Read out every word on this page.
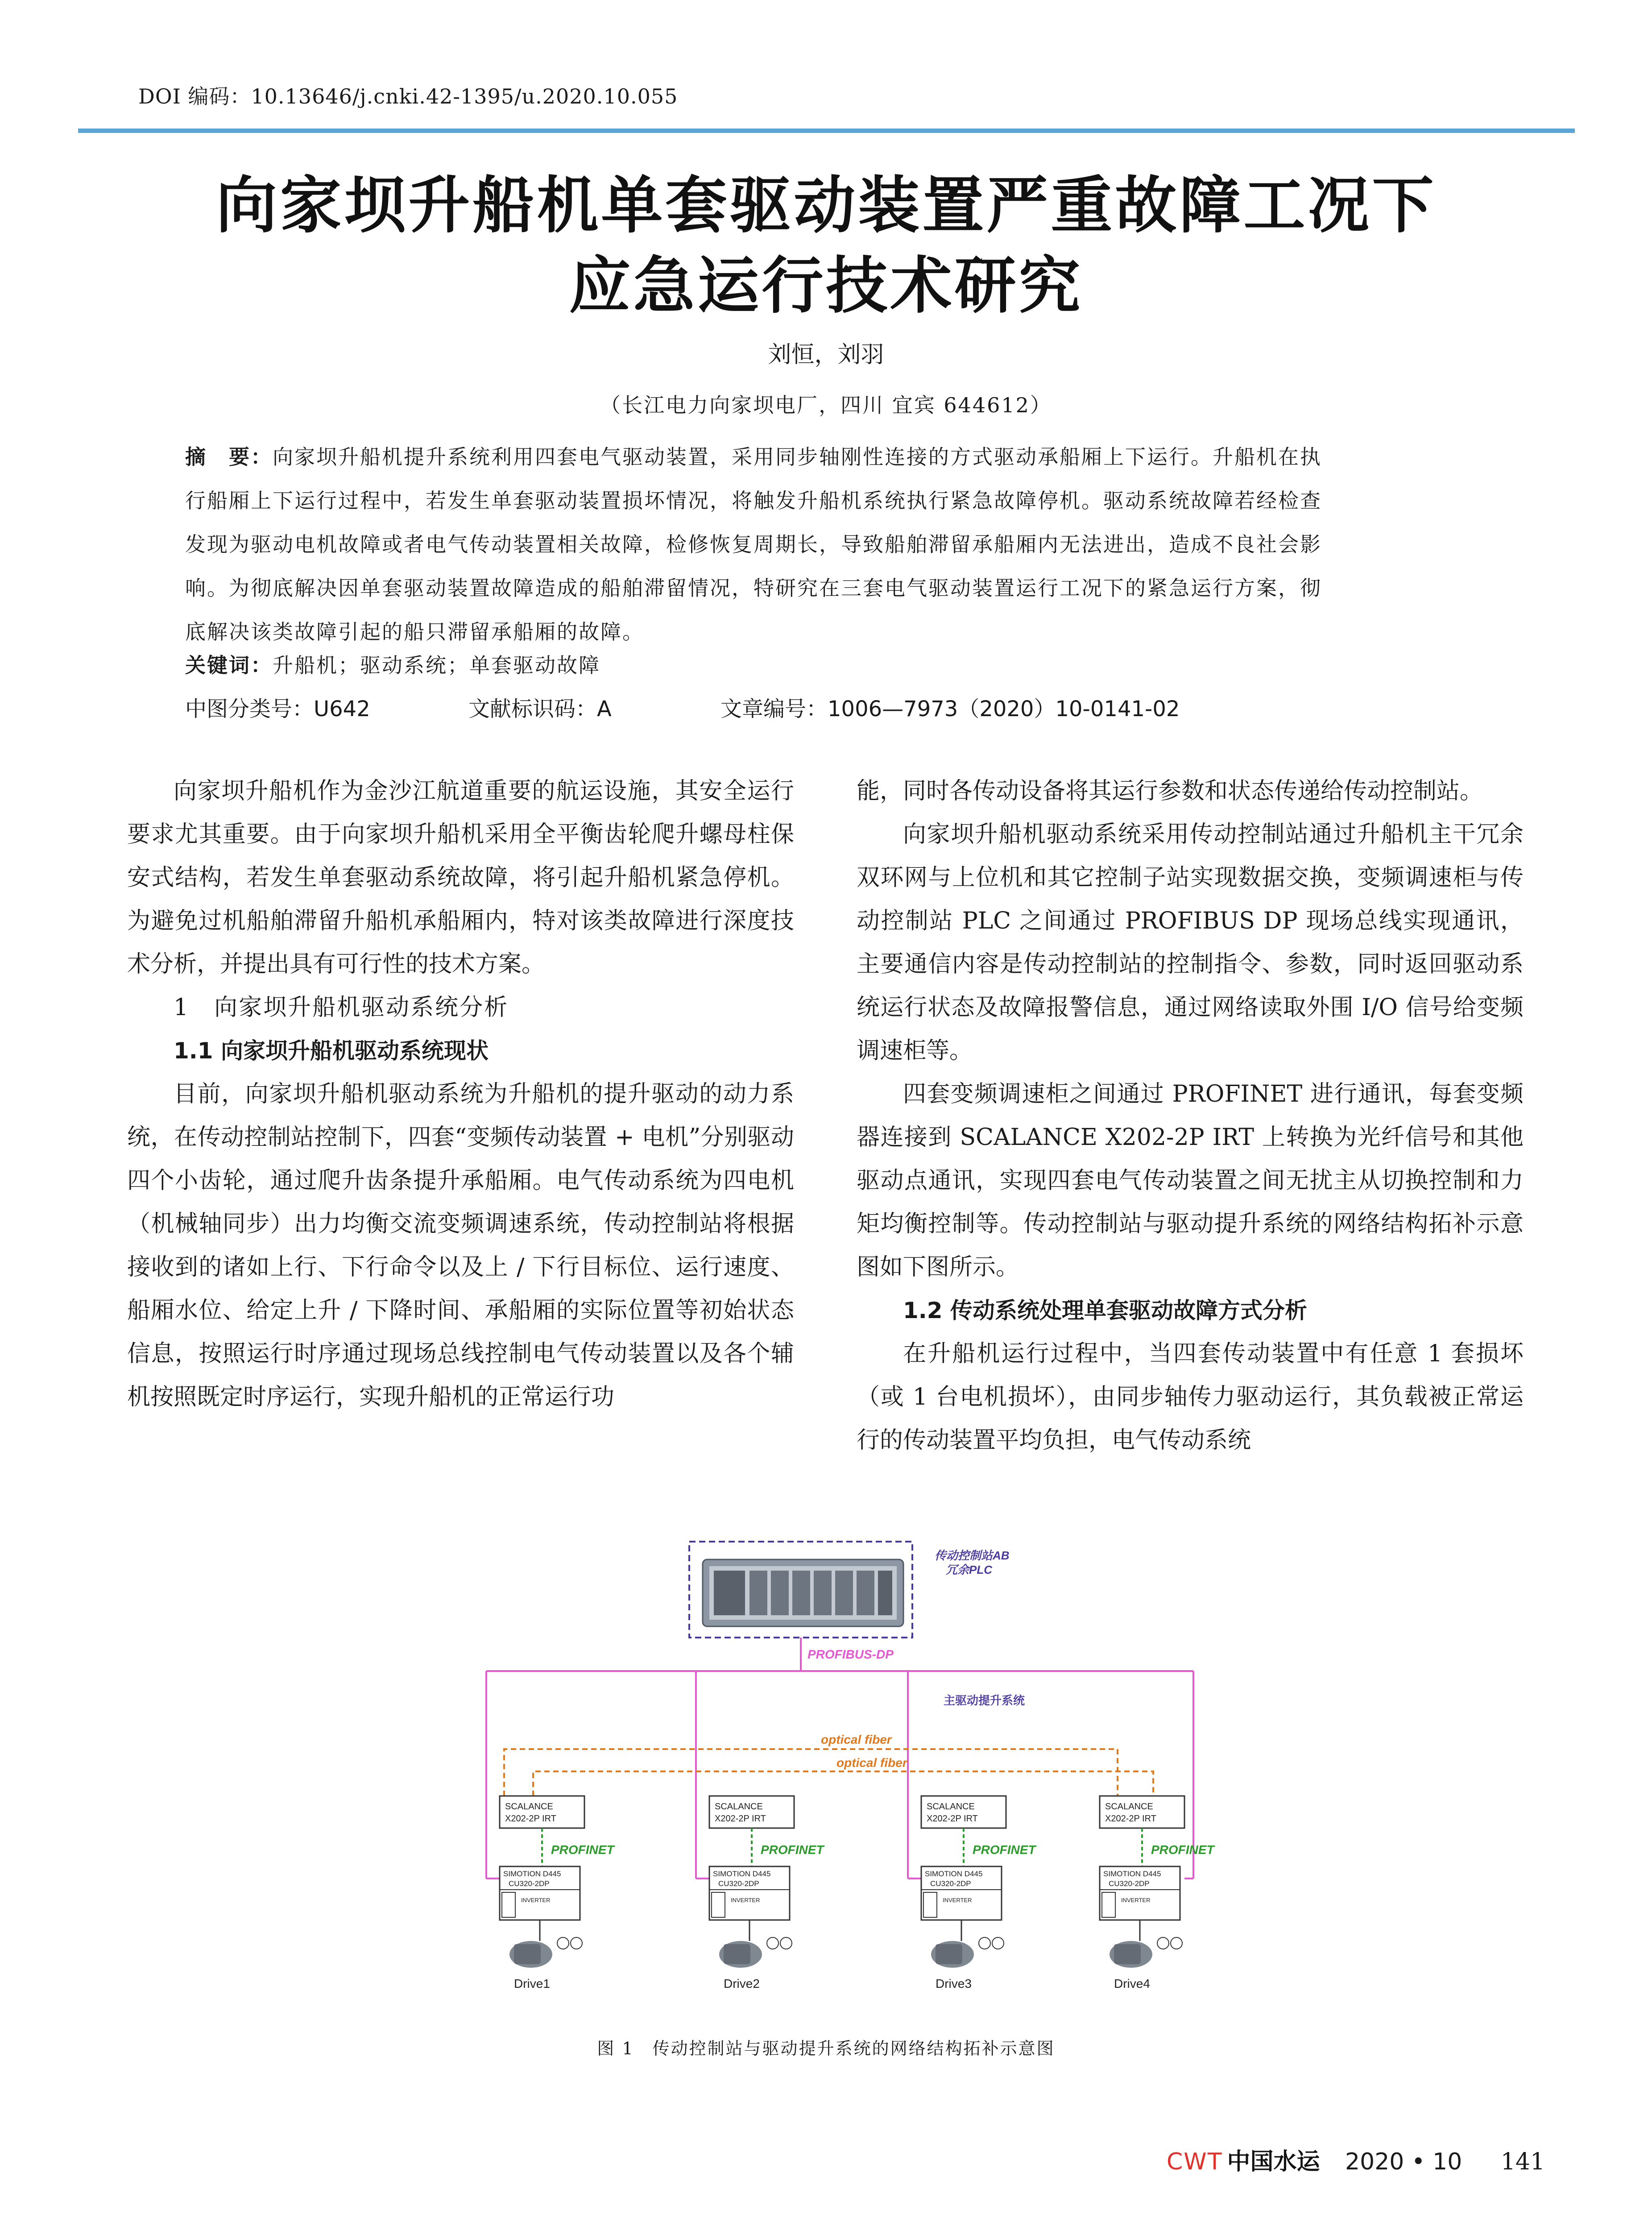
DOI 编码：10.13646/j.cnki.42-1395/u.2020.10.055
向家坝升船机单套驱动装置严重故障工况下
应急运行技术研究
刘恒，刘羽
（长江电力向家坝电厂，四川 宜宾 644612）
摘　要：向家坝升船机提升系统利用四套电气驱动装置，采用同步轴刚性连接的方式驱动承船厢上下运行。升船机在执
行船厢上下运行过程中，若发生单套驱动装置损坏情况，将触发升船机系统执行紧急故障停机。驱动系统故障若经检查
发现为驱动电机故障或者电气传动装置相关故障，检修恢复周期长，导致船舶滞留承船厢内无法进出，造成不良社会影
响。为彻底解决因单套驱动装置故障造成的船舶滞留情况，特研究在三套电气驱动装置运行工况下的紧急运行方案，彻
底解决该类故障引起的船只滞留承船厢的故障。
关键词：升船机；驱动系统；单套驱动故障
中图分类号：U642	文献标识码：A	文章编号：1006—7973（2020）10-0141-02

向家坝升船机作为金沙江航道重要的航运设施，其安全运行要求尤其重要。由于向家坝升船机采用全平衡齿轮爬升螺母柱保安式结构，若发生单套驱动系统故障，将引起升船机紧急停机。为避免过机船舶滞留升船机承船厢内，特对该类故障进行深度技术分析，并提出具有可行性的技术方案。

1　向家坝升船机驱动系统分析

1.1 向家坝升船机驱动系统现状

目前，向家坝升船机驱动系统为升船机的提升驱动的动力系统，在传动控制站控制下，四套“变频传动装置 + 电机”分别驱动四个小齿轮，通过爬升齿条提升承船厢。电气传动系统为四电机（机械轴同步）出力均衡交流变频调速系统，传动控制站将根据接收到的诸如上行、下行命令以及上 / 下行目标位、运行速度、船厢水位、给定上升 / 下降时间、承船厢的实际位置等初始状态信息，按照运行时序通过现场总线控制电气传动装置以及各个辅机按照既定时序运行，实现升船机的正常运行功

能，同时各传动设备将其运行参数和状态传递给传动控制站。

向家坝升船机驱动系统采用传动控制站通过升船机主干冗余双环网与上位机和其它控制子站实现数据交换，变频调速柜与传动控制站 PLC 之间通过 PROFIBUS DP 现场总线实现通讯，主要通信内容是传动控制站的控制指令、参数，同时返回驱动系统运行状态及故障报警信息，通过网络读取外围 I/O 信号给变频调速柜等。

四套变频调速柜之间通过 PROFINET 进行通讯，每套变频器连接到 SCALANCE X202-2P IRT 上转换为光纤信号和其他驱动点通讯，实现四套电气传动装置之间无扰主从切换控制和力矩均衡控制等。传动控制站与驱动提升系统的网络结构拓补示意图如下图所示。

1.2 传动系统处理单套驱动故障方式分析

在升船机运行过程中，当四套传动装置中有任意 1 套损坏（或 1 台电机损坏），由同步轴传力驱动运行，其负载被正常运行的传动装置平均负担，电气传动系统

传动控制站AB
冗余PLC
PROFIBUS-DP
主驱动提升系统
optical fiber
optical fiber
SCALANCE
X202-2P IRT
PROFINET
SIMOTION D445
CU320-2DP
INVERTER
Drive1
SCALANCE
X202-2P IRT
PROFINET
SIMOTION D445
CU320-2DP
INVERTER
Drive2
SCALANCE
X202-2P IRT
PROFINET
SIMOTION D445
CU320-2DP
INVERTER
Drive3
SCALANCE
X202-2P IRT
PROFINET
SIMOTION D445
CU320-2DP
INVERTER
Drive4
图 1　传动控制站与驱动提升系统的网络结构拓补示意图
CWT 中国水运 2020 • 10 141
